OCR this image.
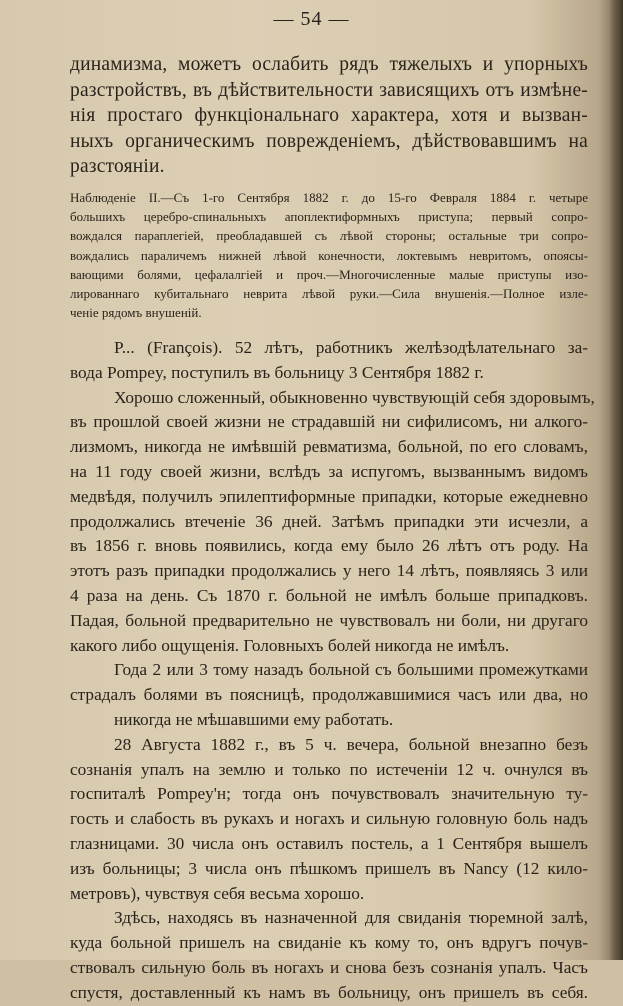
— 54 —
динамизма, можетъ ослабить рядъ тяжелыхъ и упорныхъ
разстройствъ, въ дѣйствительности зависящихъ отъ измѣне-
нія простаго функціональнаго характера, хотя и вызван-
ныхъ органическимъ поврежденіемъ, дѣйствовавшимъ на
разстояніи.
Наблюденіе II.—Съ 1-го Сентября 1882 г. до 15-го Февраля 1884 г. четыре
большихъ церебро-спинальныхъ апоплектиформныхъ приступа; первый сопро-
вождался параплегіей, преобладавшей съ лѣвой стороны; остальные три сопро-
вождались параличемъ нижней лѣвой конечности, локтевымъ невритомъ, опоясы-
вающими болями, цефалалгіей и проч.—Многочисленные малые приступы изо-
лированнаго кубитальнаго неврита лѣвой руки.—Сила внушенія.—Полное изле-
ченіе рядомъ внушеній.
P... (François). 52 лѣтъ, работникъ желѣзодѣлательнаго за-
вода Pompey, поступилъ въ больницу 3 Сентября 1882 г.
Хорошо сложенный, обыкновенно чувствующій себя здоровымъ,
въ прошлой своей жизни не страдавшій ни сифилисомъ, ни алкого-
лизмомъ, никогда не имѣвшій ревматизма, больной, по его словамъ,
на 11 году своей жизни, вслѣдъ за испугомъ, вызваннымъ видомъ
медвѣдя, получилъ эпилептиформные припадки, которые ежедневно
продолжались втеченіе 36 дней. Затѣмъ припадки эти исчезли, а
въ 1856 г. вновь появились, когда ему было 26 лѣтъ отъ роду. На
этотъ разъ припадки продолжались у него 14 лѣтъ, появляясь 3 или
4 раза на день. Съ 1870 г. больной не имѣлъ больше припадковъ.
Падая, больной предварительно не чувствовалъ ни боли, ни другаго
какого либо ощущенія. Головныхъ болей никогда не имѣлъ.
Года 2 или 3 тому назадъ больной съ большими промежутками
страдалъ болями въ поясницѣ, продолжавшимися часъ или два, но
никогда не мѣшавшими ему работать.
28 Августа 1882 г., въ 5 ч. вечера, больной внезапно безъ
сознанія упалъ на землю и только по истеченіи 12 ч. очнулся въ
госпиталѣ Pompey'н; тогда онъ почувствовалъ значительную ту-
гость и слабость въ рукахъ и ногахъ и сильную головную боль надъ
глазницами. 30 числа онъ оставилъ постель, а 1 Сентября вышелъ
изъ больницы; 3 числа онъ пѣшкомъ пришелъ въ Nancy (12 кило-
метровъ), чувствуя себя весьма хорошо.
Здѣсь, находясь въ назначенной для свиданія тюремной залѣ,
куда больной пришелъ на свиданіе къ кому то, онъ вдругъ почув-
ствовалъ сильную боль въ ногахъ и снова безъ сознанія упалъ. Часъ
спустя, доставленный къ намъ въ больницу, онъ пришелъ въ себя.
